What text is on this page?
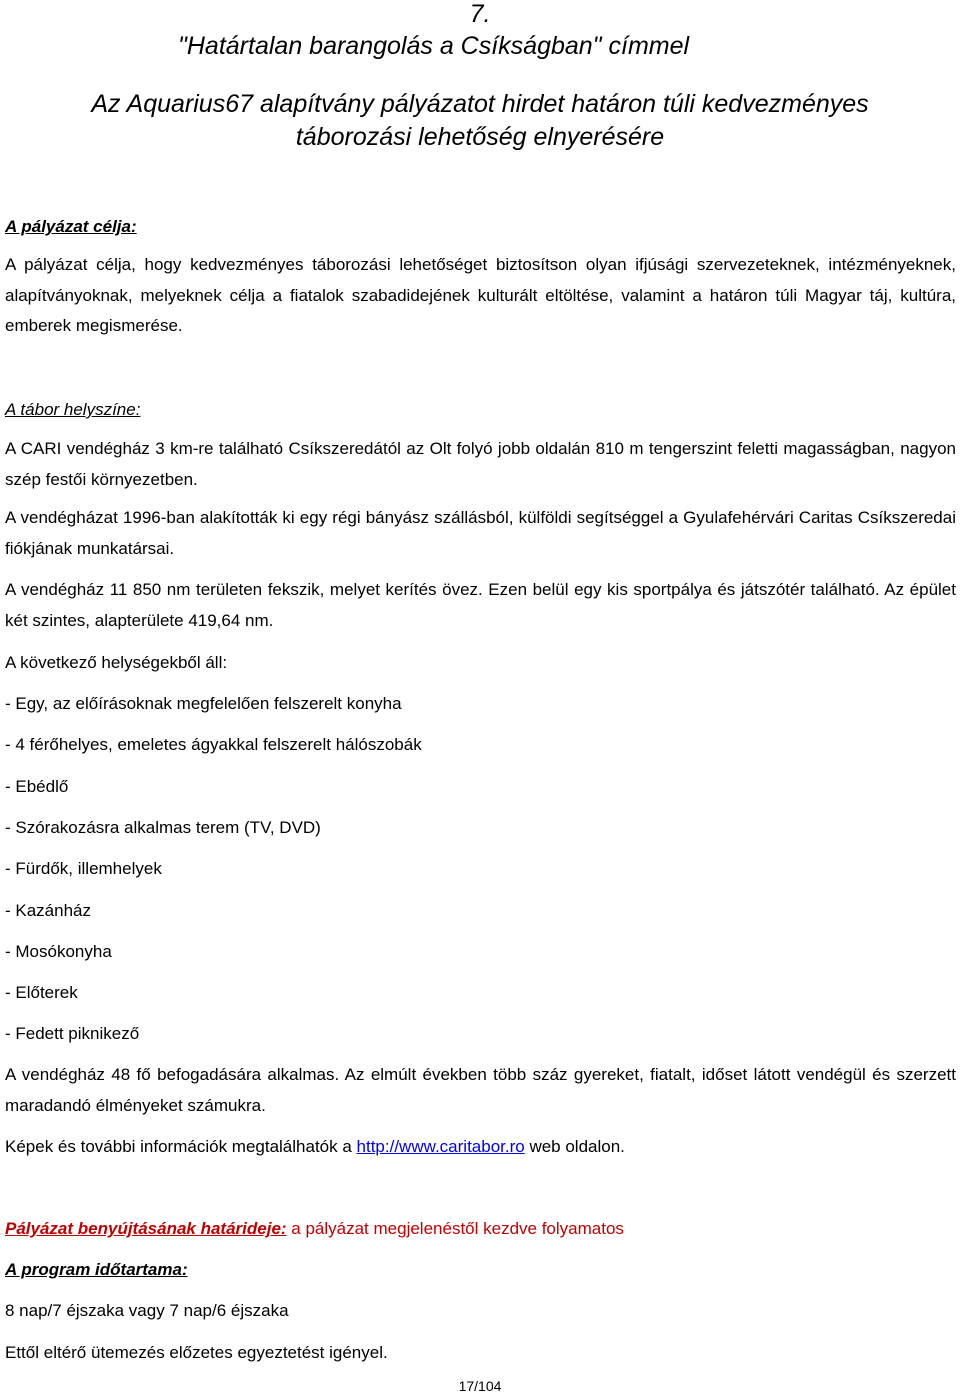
7.
"Határtalan barangolás a Csíkságban" címmel
Az Aquarius67 alapítvány pályázatot hirdet határon túli kedvezményes
táborozási lehetőség elnyerésére
A pályázat célja:

A pályázat célja, hogy kedvezményes táborozási lehetőséget biztosítson olyan ifjúsági szervezeteknek, intézményeknek, alapítványoknak, melyeknek célja a fiatalok szabadidejének kulturált eltöltése, valamint a határon túli Magyar táj, kultúra, emberek megismerése.

A tábor helyszíne:

A CARI vendégház 3 km-re található Csíkszeredától az Olt folyó jobb oldalán 810 m tengerszint feletti magasságban, nagyon szép festői környezetben.

A vendégházat 1996-ban alakították ki egy régi bányász szállásból, külföldi segítséggel a Gyulafehérvári Caritas Csíkszeredai fiókjának munkatársai.

A vendégház 11 850 nm területen fekszik, melyet kerítés övez. Ezen belül egy kis sportpálya és játszótér található. Az épület két szintes, alapterülete 419,64 nm.

A következő helységekből áll:
- Egy, az előírásoknak megfelelően felszerelt konyha
- 4 férőhelyes, emeletes ágyakkal felszerelt hálószobák
- Ebédlő
- Szórakozásra alkalmas terem (TV, DVD)
- Fürdők, illemhelyek
- Kazánház
- Mosókonyha
- Előterek
- Fedett piknikező

A vendégház 48 fő befogadására alkalmas. Az elmúlt években több száz gyereket, fiatalt, időset látott vendégül és szerzett maradandó élményeket számukra.

Képek és további információk megtalálhatók a http://www.caritabor.ro web oldalon.
Pályázat benyújtásának határideje: a pályázat megjelenéstől kezdve folyamatos
A program időtartama:
8 nap/7 éjszaka vagy 7 nap/6 éjszaka
Ettől eltérő ütemezés előzetes egyeztetést igényel.
17/104
